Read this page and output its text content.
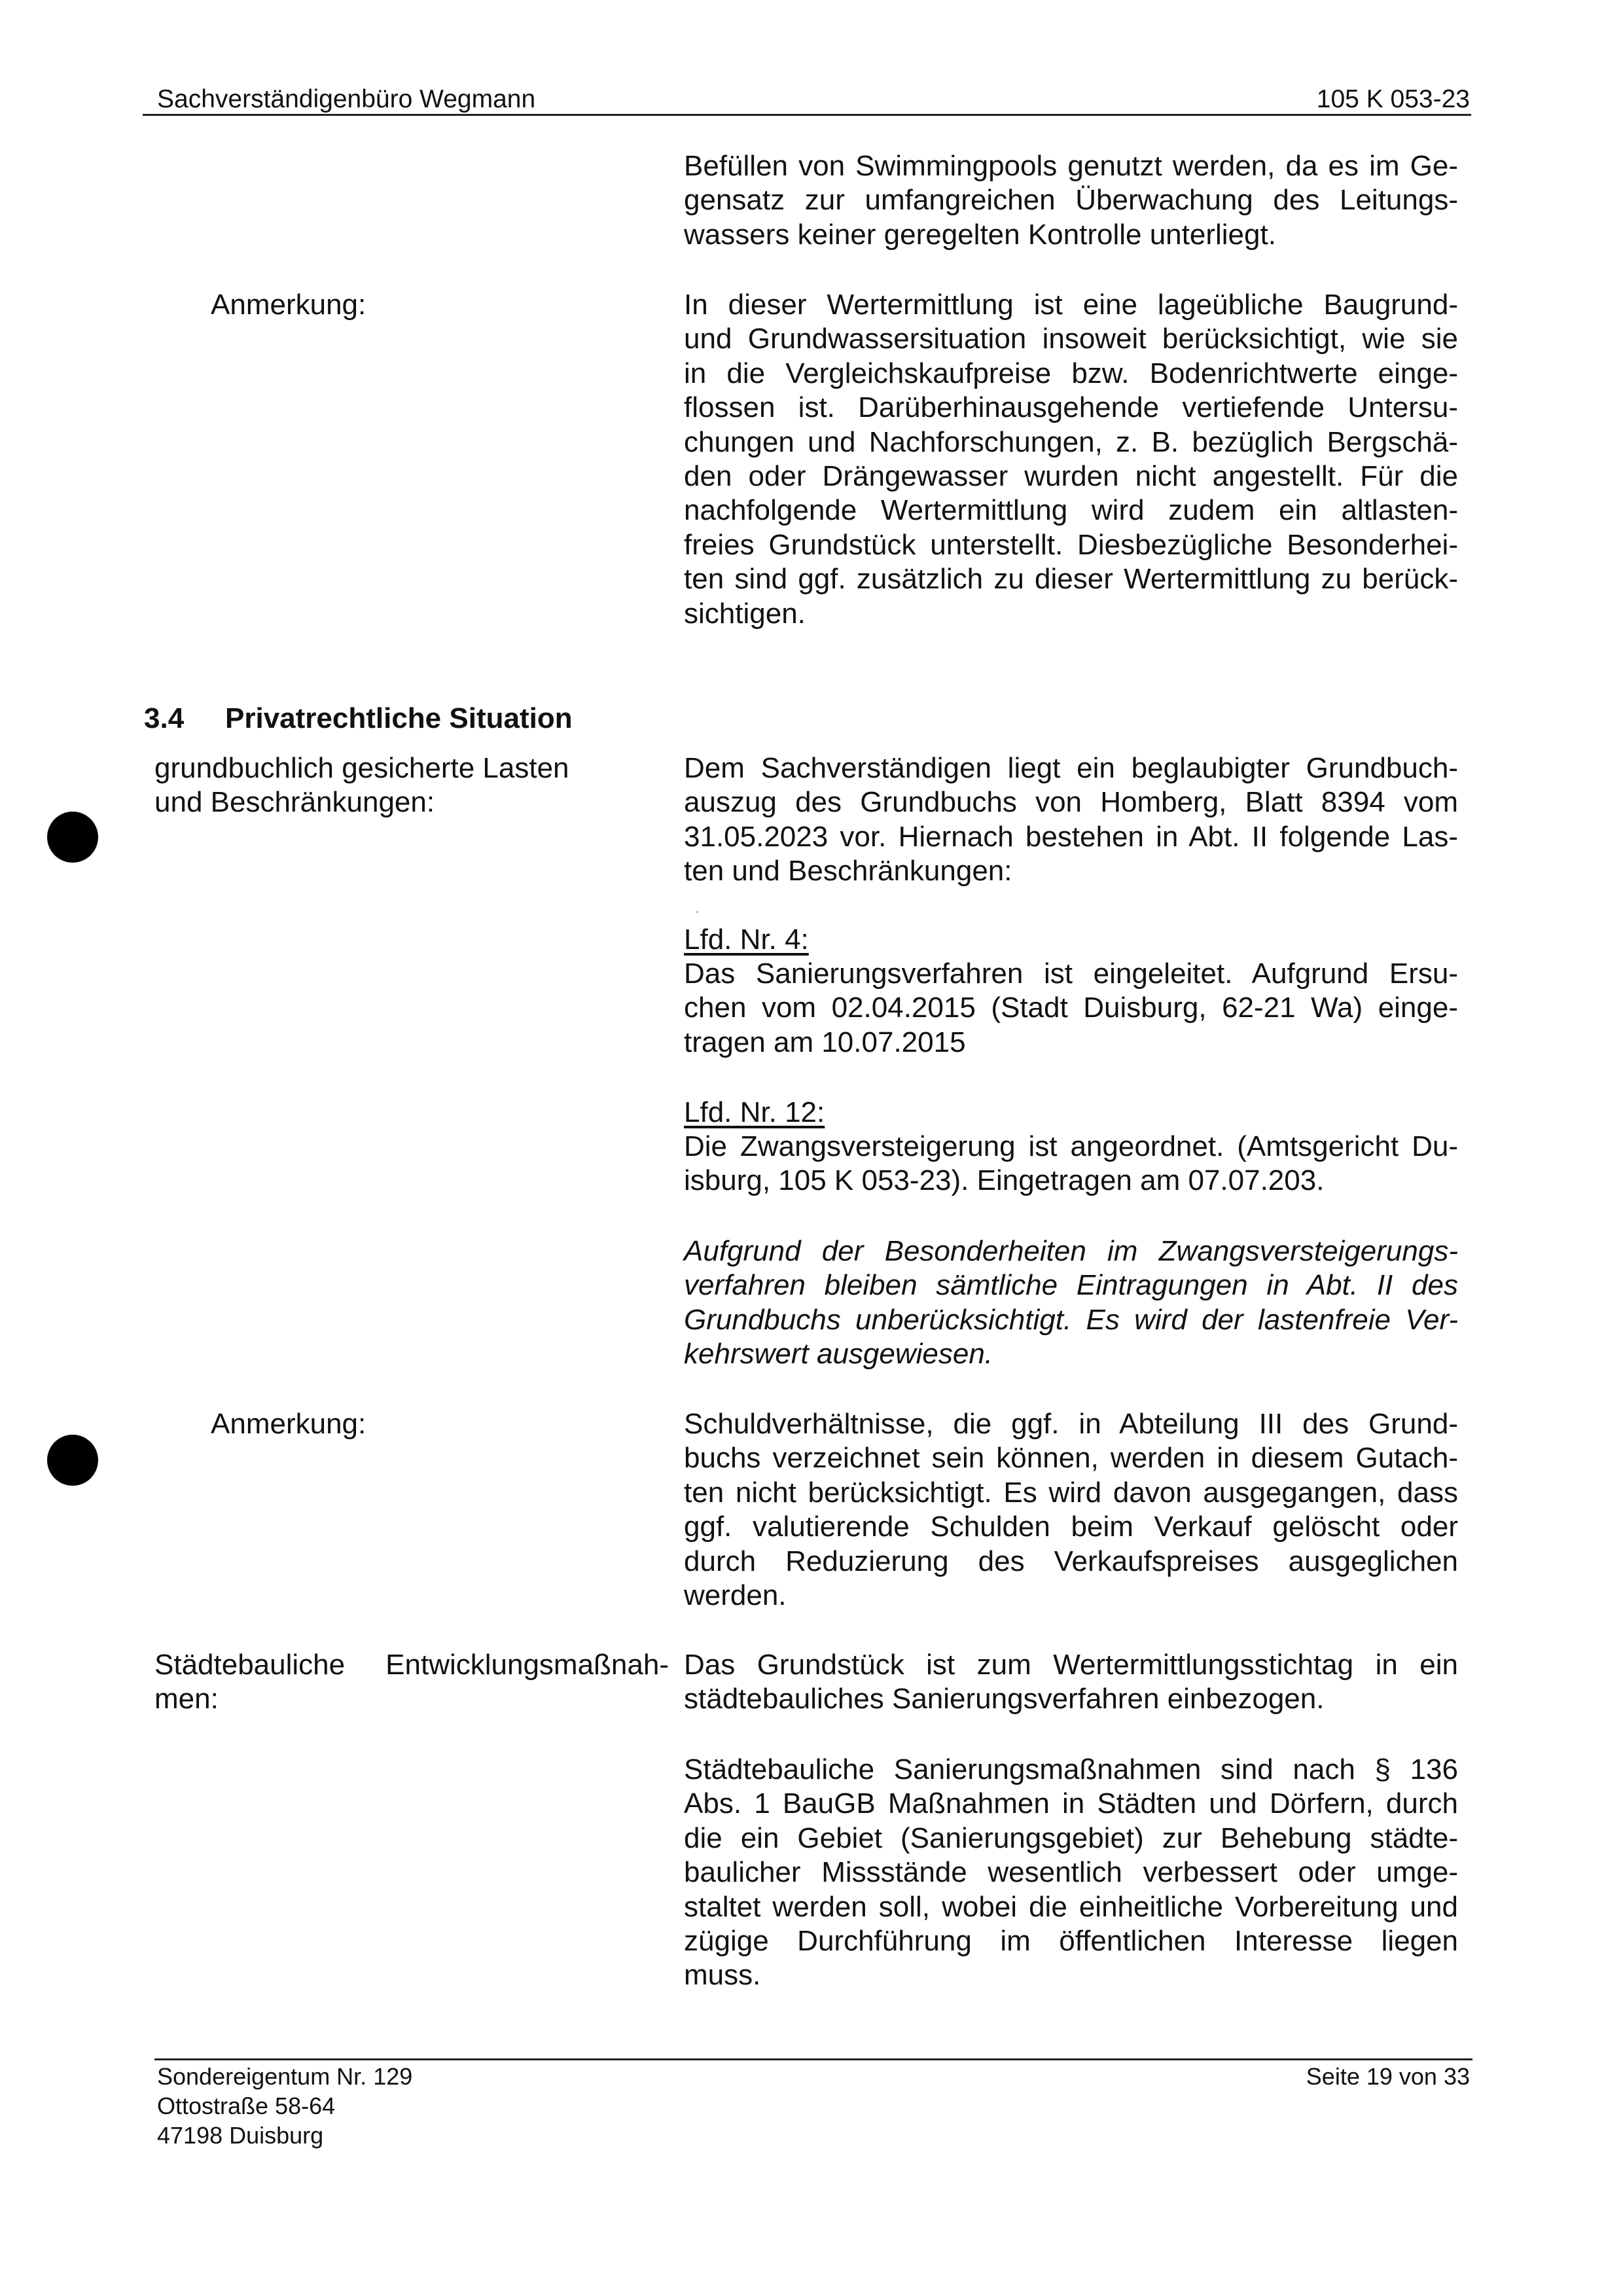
Sachverständigenbüro Wegmann	105 K 053-23
Befüllen von Swimmingpools genutzt werden, da es im Ge-
gensatz zur umfangreichen Überwachung des Leitungs-
wassers keiner geregelten Kontrolle unterliegt.
Anmerkung:	In dieser Wertermittlung ist eine lageübliche Baugrund-
und Grundwassersituation insoweit berücksichtigt, wie sie
in die Vergleichskaufpreise bzw. Bodenrichtwerte einge-
flossen ist. Darüberhinausgehende vertiefende Untersu-
chungen und Nachforschungen, z. B. bezüglich Bergschä-
den oder Drängewasser wurden nicht angestellt. Für die
nachfolgende Wertermittlung wird zudem ein altlasten-
freies Grundstück unterstellt. Diesbezügliche Besonderhei-
ten sind ggf. zusätzlich zu dieser Wertermittlung zu berück-
sichtigen.
3.4 Privatrechtliche Situation
grundbuchlich gesicherte Lasten
und Beschränkungen:
Dem Sachverständigen liegt ein beglaubigter Grundbuch-
auszug des Grundbuchs von Homberg, Blatt 8394 vom
31.05.2023 vor. Hiernach bestehen in Abt. II folgende Las-
ten und Beschränkungen:
Lfd. Nr. 4:
Das Sanierungsverfahren ist eingeleitet. Aufgrund Ersu-
chen vom 02.04.2015 (Stadt Duisburg, 62-21 Wa) einge-
tragen am 10.07.2015
Lfd. Nr. 12:
Die Zwangsversteigerung ist angeordnet. (Amtsgericht Du-
isburg, 105 K 053-23). Eingetragen am 07.07.203.
Aufgrund der Besonderheiten im Zwangsversteigerungs-
verfahren bleiben sämtliche Eintragungen in Abt. II des
Grundbuchs unberücksichtigt. Es wird der lastenfreie Ver-
kehrswert ausgewiesen.
Anmerkung:	Schuldverhältnisse, die ggf. in Abteilung III des Grund-
buchs verzeichnet sein können, werden in diesem Gutach-
ten nicht berücksichtigt. Es wird davon ausgegangen, dass
ggf. valutierende Schulden beim Verkauf gelöscht oder
durch Reduzierung des Verkaufspreises ausgeglichen
werden.
Städtebauliche Entwicklungsmaßnah-
men:
Das Grundstück ist zum Wertermittlungsstichtag in ein
städtebauliches Sanierungsverfahren einbezogen.
Städtebauliche Sanierungsmaßnahmen sind nach § 136
Abs. 1 BauGB Maßnahmen in Städten und Dörfern, durch
die ein Gebiet (Sanierungsgebiet) zur Behebung städte-
baulicher Missstände wesentlich verbessert oder umge-
staltet werden soll, wobei die einheitliche Vorbereitung und
zügige Durchführung im öffentlichen Interesse liegen
muss.
Sondereigentum Nr. 129
Ottostraße 58-64
47198 Duisburg
Seite 19 von 33
